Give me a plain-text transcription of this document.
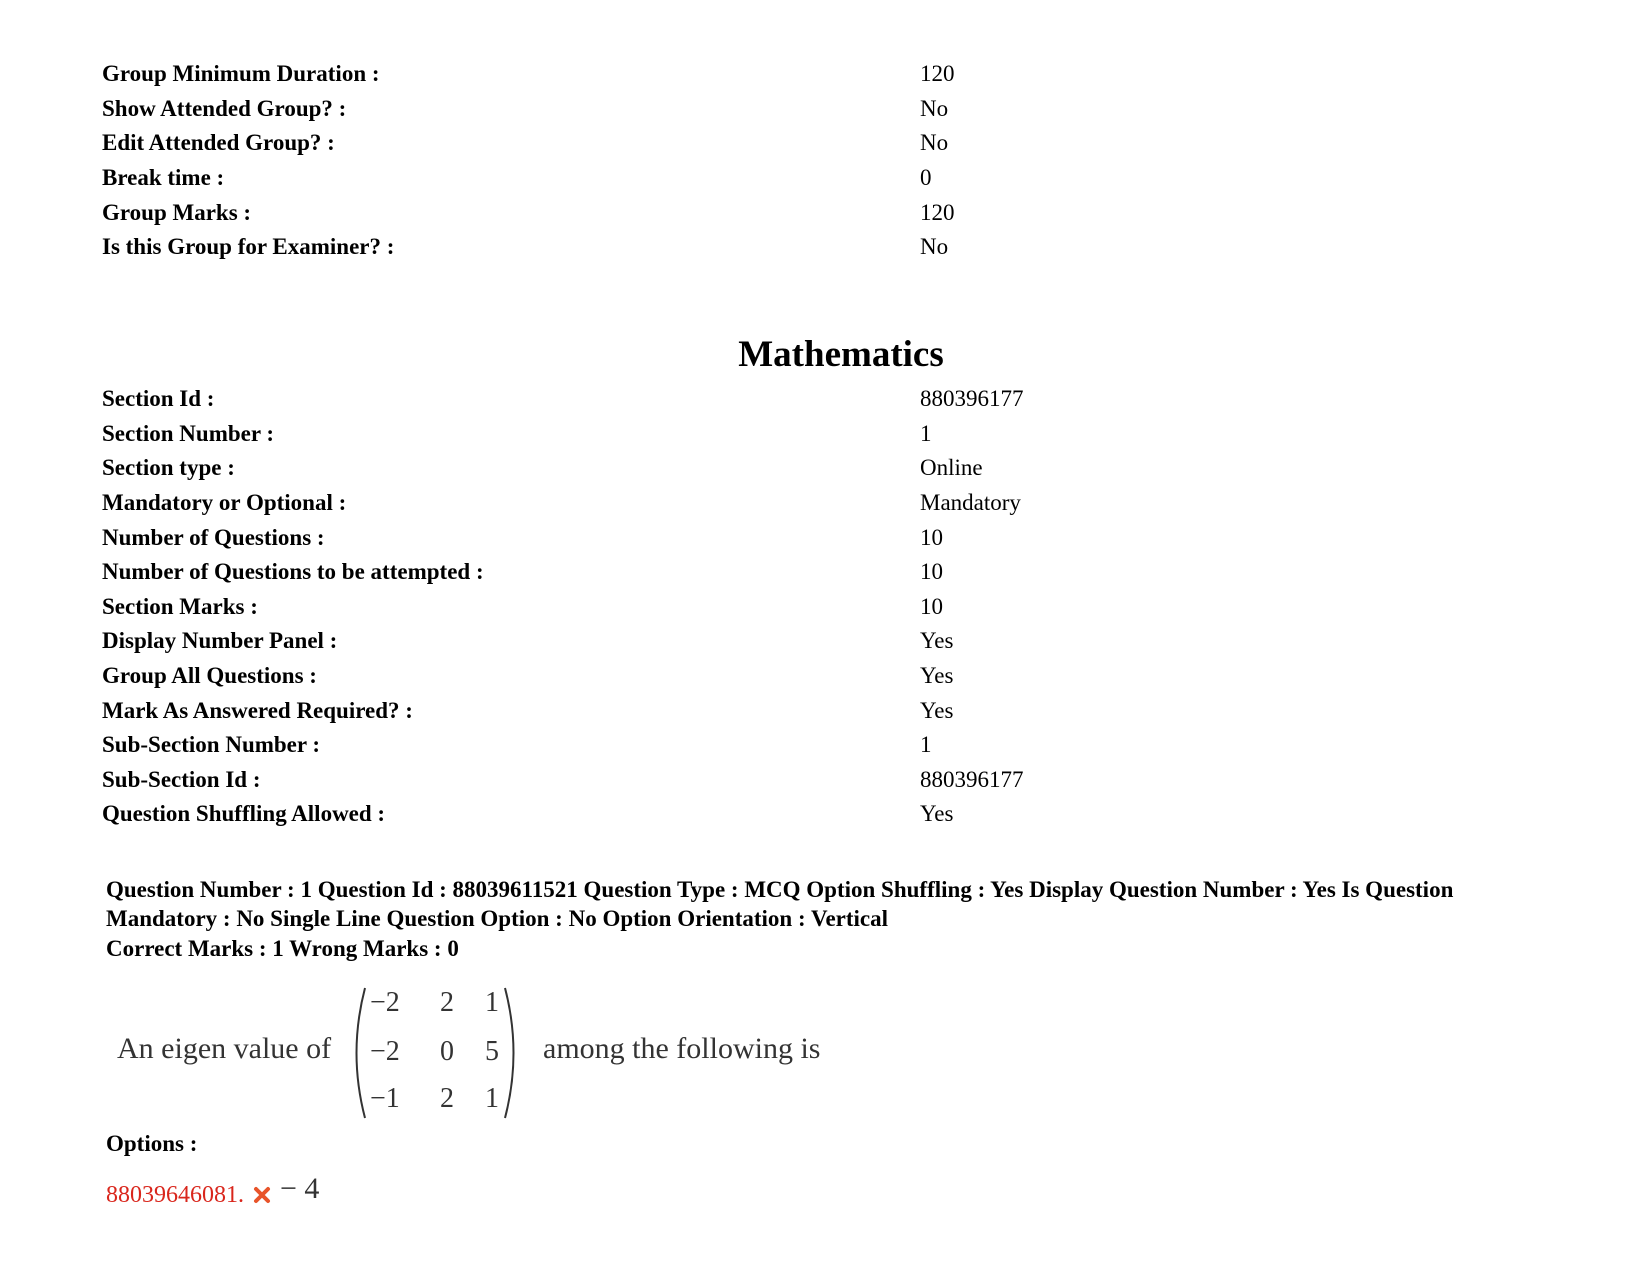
Group Minimum Duration :	120
Show Attended Group? :	No
Edit Attended Group? :	No
Break time :	0
Group Marks :	120
Is this Group for Examiner? :	No
Mathematics
Section Id :	880396177
Section Number :	1
Section type :	Online
Mandatory or Optional :	Mandatory
Number of Questions :	10
Number of Questions to be attempted :	10
Section Marks :	10
Display Number Panel :	Yes
Group All Questions :	Yes
Mark As Answered Required? :	Yes
Sub-Section Number :	1
Sub-Section Id :	880396177
Question Shuffling Allowed :	Yes
Question Number : 1 Question Id : 88039611521 Question Type : MCQ Option Shuffling : Yes Display Question Number : Yes Is Question Mandatory : No Single Line Question Option : No Option Orientation : Vertical
Correct Marks : 1 Wrong Marks : 0
An eigen value of
−2 2 1
−2 0 5
−1 2 1
among the following is
Options :
88039646081. − 4
